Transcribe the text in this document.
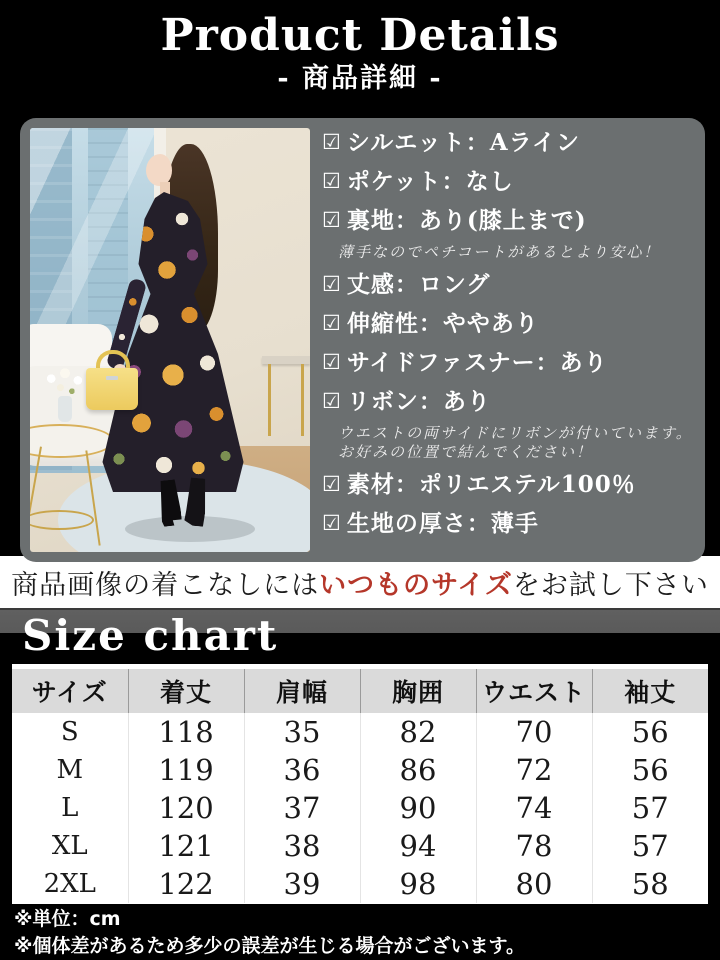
Product Details
- 商品詳細 -
☑ シルエット：Aライン
☑ ポケット：なし
☑ 裏地：あり(膝上まで)
薄手なのでペチコートがあるとより安心！
☑ 丈感：ロング
☑ 伸縮性：ややあり
☑ サイドファスナー：あり
☑ リボン：あり
ウエストの両サイドにリボンが付いています。
お好みの位置で結んでください！
☑ 素材：ポリエステル100％
☑ 生地の厚さ：薄手
商品画像の着こなしにはいつものサイズをお試し下さい
Size chart
サイズ	着丈	肩幅	胸囲	ウエスト	袖丈
S	118	35	82	70	56
M	119	36	86	72	56
L	120	37	90	74	57
XL	121	38	94	78	57
2XL	122	39	98	80	58
※単位：cm
※個体差があるため多少の誤差が生じる場合がございます。
